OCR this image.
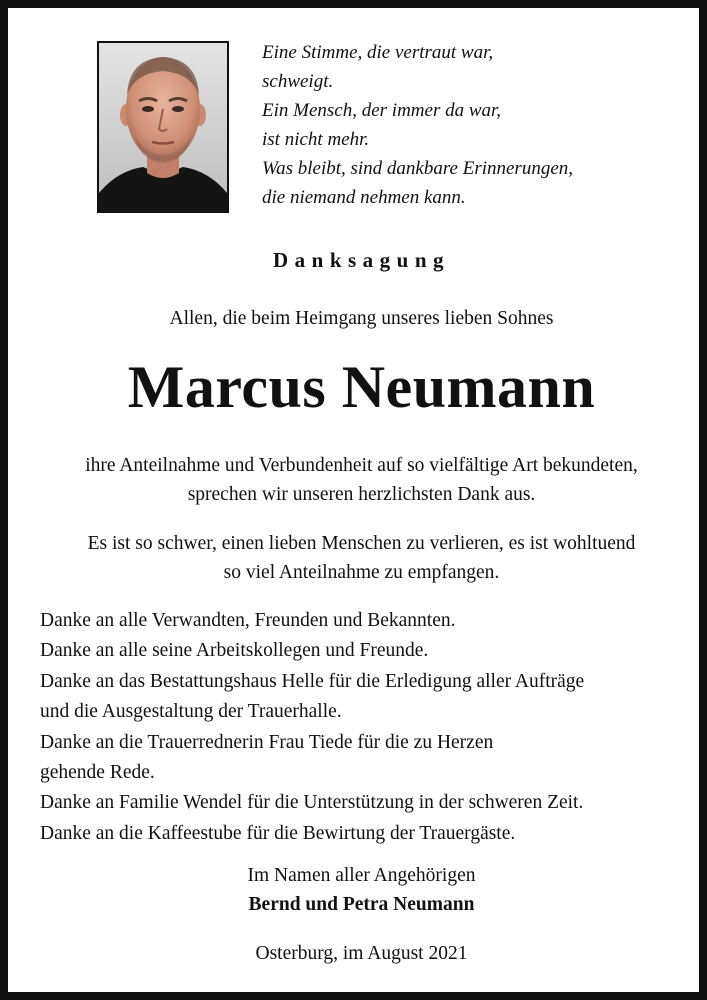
Eine Stimme, die vertraut war,
schweigt.
Ein Mensch, der immer da war,
ist nicht mehr.
Was bleibt, sind dankbare Erinnerungen,
die niemand nehmen kann.
Danksagung
Allen, die beim Heimgang unseres lieben Sohnes
Marcus Neumann
ihre Anteilnahme und Verbundenheit auf so vielfältige Art bekundeten,
sprechen wir unseren herzlichsten Dank aus.
Es ist so schwer, einen lieben Menschen zu verlieren, es ist wohltuend
so viel Anteilnahme zu empfangen.
Danke an alle Verwandten, Freunden und Bekannten.
Danke an alle seine Arbeitskollegen und Freunde.
Danke an das Bestattungshaus Helle für die Erledigung aller Aufträge
und die Ausgestaltung der Trauerhalle.
Danke an die Trauerrednerin Frau Tiede für die zu Herzen
gehende Rede.
Danke an Familie Wendel für die Unterstützung in der schweren Zeit.
Danke an die Kaffeestube für die Bewirtung der Trauergäste.
Im Namen aller Angehörigen
Bernd und Petra Neumann
Osterburg, im August 2021
